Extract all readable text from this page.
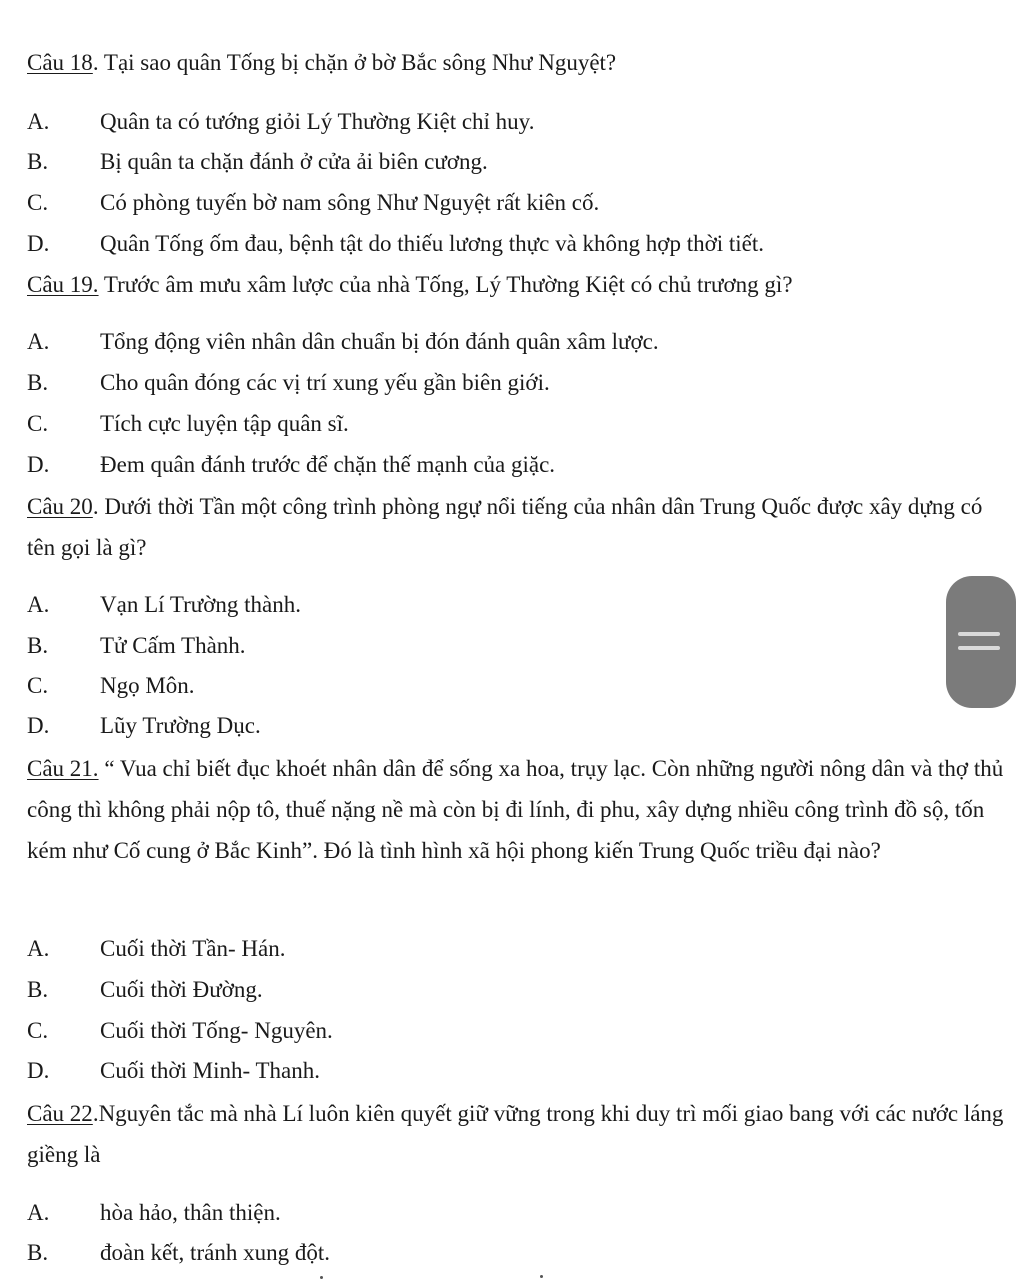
Câu 18. Tại sao quân Tống bị chặn ở bờ Bắc sông Như Nguyệt?
A. Quân ta có tướng giỏi Lý Thường Kiệt chỉ huy.
B. Bị quân ta chặn đánh ở cửa ải biên cương.
C. Có phòng tuyến bờ nam sông Như Nguyệt rất kiên cố.
D. Quân Tống ốm đau, bệnh tật do thiếu lương thực và không hợp thời tiết.
Câu 19. Trước âm mưu xâm lược của nhà Tống, Lý Thường Kiệt có chủ trương gì?
A. Tổng động viên nhân dân chuẩn bị đón đánh quân xâm lược.
B. Cho quân đóng các vị trí xung yếu gần biên giới.
C. Tích cực luyện tập quân sĩ.
D. Đem quân đánh trước để chặn thế mạnh của giặc.
Câu 20. Dưới thời Tần một công trình phòng ngự nổi tiếng của nhân dân Trung Quốc được xây dựng có tên gọi là gì?
A. Vạn Lí Trường thành.
B. Tử Cấm Thành.
C. Ngọ Môn.
D. Lũy Trường Dục.
Câu 21. “ Vua chỉ biết đục khoét nhân dân để sống xa hoa, trụy lạc. Còn những người nông dân và thợ thủ công thì không phải nộp tô, thuế nặng nề mà còn bị đi lính, đi phu, xây dựng nhiều công trình đồ sộ, tốn kém như Cố cung ở Bắc Kinh”. Đó là tình hình xã hội phong kiến Trung Quốc triều đại nào?
A. Cuối thời Tần- Hán.
B. Cuối thời Đường.
C. Cuối thời Tống- Nguyên.
D. Cuối thời Minh- Thanh.
Câu 22.Nguyên tắc mà nhà Lí luôn kiên quyết giữ vững trong khi duy trì mối giao bang với các nước láng giềng là
A. hòa hảo, thân thiện.
B. đoàn kết, tránh xung đột.
